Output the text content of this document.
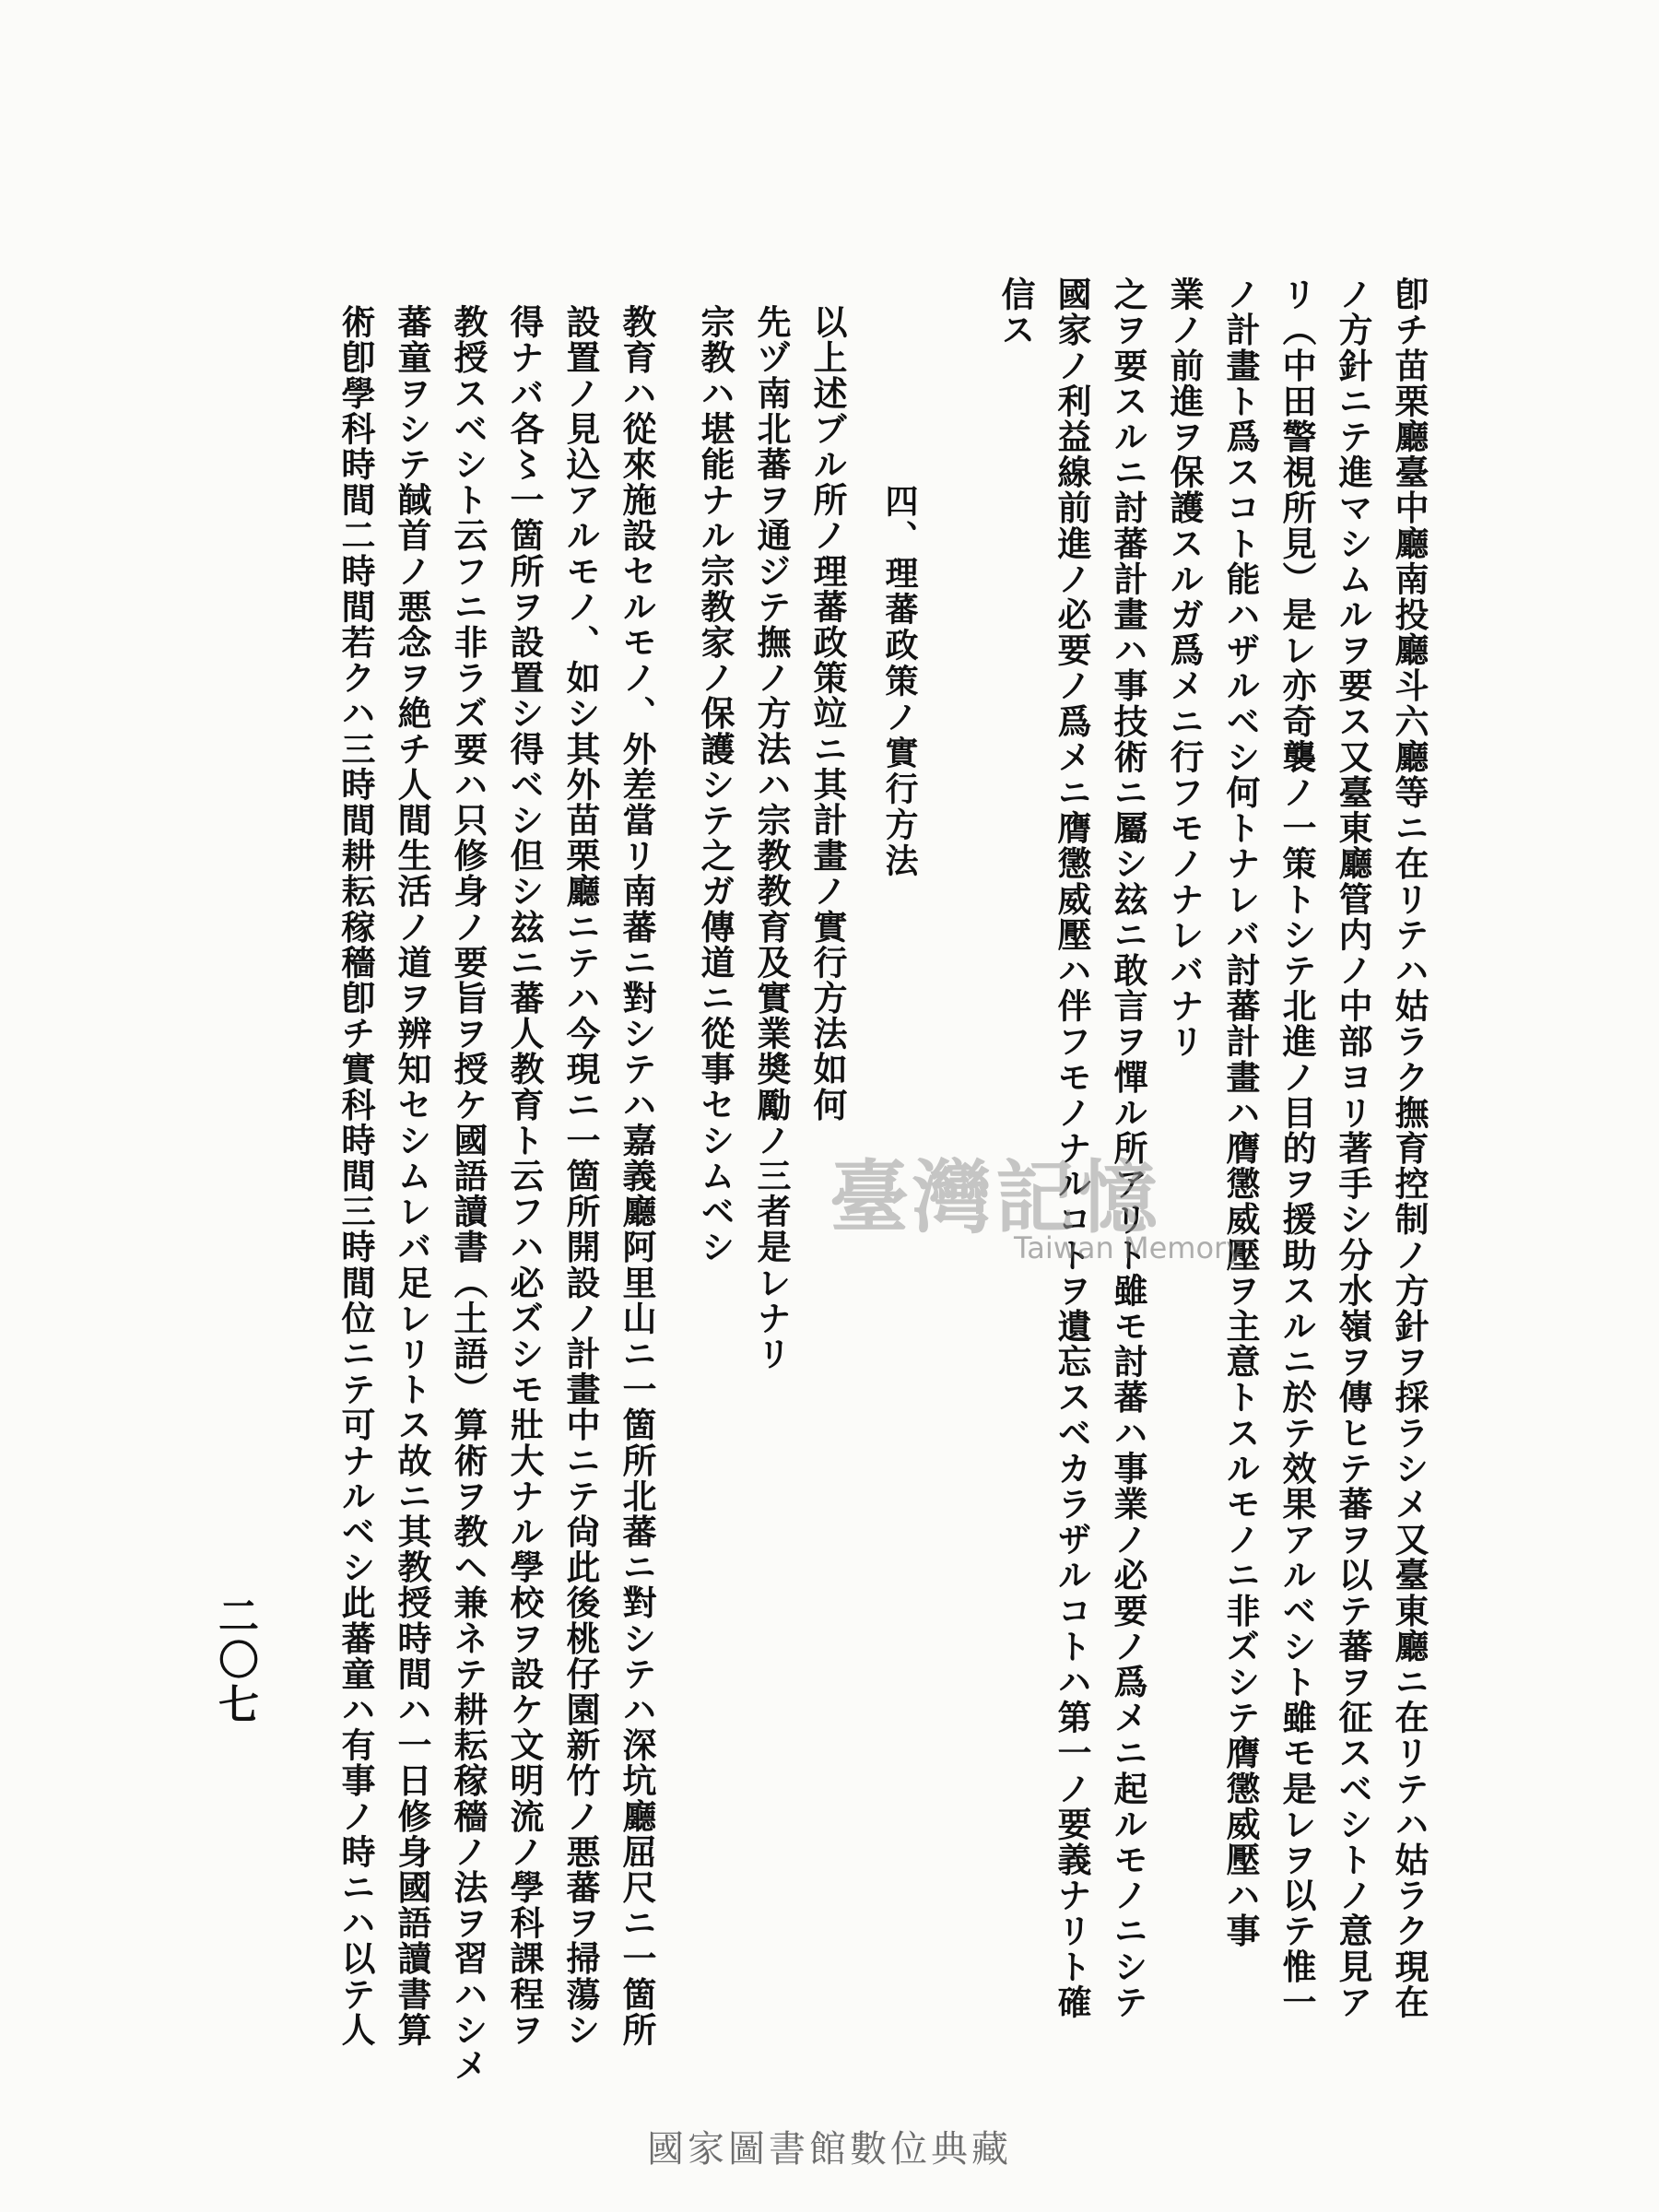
卽チ苗栗廳臺中廳南投廳斗六廳等ニ在リテハ姑ラク撫育控制ノ方針ヲ採ラシメ又臺東廳ニ在リテハ姑ラク現在
ノ方針ニテ進マシムルヲ要ス又臺東廳管内ノ中部ヨリ著手シ分水嶺ヲ傳ヒテ蕃ヲ以テ蕃ヲ征スベシトノ意見ア
リ（中田警視所見）是レ亦奇襲ノ一策トシテ北進ノ目的ヲ援助スルニ於テ效果アルベシト雖モ是レヲ以テ惟一
ノ計畫ト爲スコト能ハザルベシ何トナレバ討蕃計畫ハ膺懲威壓ヲ主意トスルモノニ非ズシテ膺懲威壓ハ事
業ノ前進ヲ保護スルガ爲メニ行フモノナレバナリ
之ヲ要スルニ討蕃計畫ハ事技術ニ屬シ玆ニ敢言ヲ憚ル所アリト雖モ討蕃ハ事業ノ必要ノ爲メニ起ルモノニシテ
國家ノ利益線前進ノ必要ノ爲メニ膺懲威壓ハ伴フモノナルコトヲ遺忘スベカラザルコトハ第一ノ要義ナリト確
信ス
　　　　　四、理蕃政策ノ實行方法
以上述ブル所ノ理蕃政策竝ニ其計畫ノ實行方法如何
先ヅ南北蕃ヲ通ジテ撫ノ方法ハ宗教教育及實業奬勵ノ三者是レナリ
宗教ハ堪能ナル宗教家ノ保護シテ之ガ傳道ニ從事セシムベシ
教育ハ從來施設セルモノ、外差當リ南蕃ニ對シテハ嘉義廳阿里山ニ一箇所北蕃ニ對シテハ深坑廳屈尺ニ一箇所
設置ノ見込アルモノ、如シ其外苗栗廳ニテハ今現ニ一箇所開設ノ計畫中ニテ尙此後桃仔園新竹ノ悪蕃ヲ掃蕩シ
得ナバ各〻一箇所ヲ設置シ得ベシ但シ玆ニ蕃人教育ト云フハ必ズシモ壯大ナル學校ヲ設ケ文明流ノ學科課程ヲ
教授スベシト云フニ非ラズ要ハ只修身ノ要旨ヲ授ケ國語讀書（土語）算術ヲ教ヘ兼ネテ耕耘稼穡ノ法ヲ習ハシメ
蕃童ヲシテ馘首ノ悪念ヲ絶チ人間生活ノ道ヲ辨知セシムレバ足レリトス故ニ其教授時間ハ一日修身國語讀書算
術卽學科時間二時間若クハ三時間耕耘稼穡卽チ實科時間三時間位ニテ可ナルベシ此蕃童ハ有事ノ時ニハ以テ人
二〇七
臺灣記憶
Taiwan Memory
國家圖書館數位典藏
